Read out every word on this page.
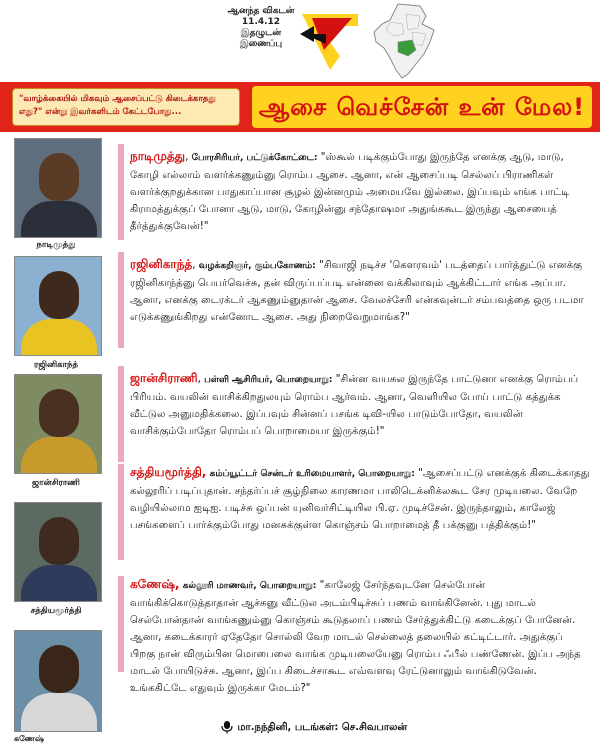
ஆனந்த விகடன்
11.4.12 இதழுடன்
இணைப்பு
"வாழ்க்கையில் மிகவும் ஆசைப்பட்டு கிடைக்காதது எது?" என்று இவர்களிடம் கேட்டபோது...	ஆசை வெச்சேன் உன் மேல!
நாடிமுத்து
நாடிமுத்து, போரசிரியர், பட்டுக்கோட்டை: "ஸ்கூல் படிக்கும்போது இருந்தே எனக்கு ஆடு, மாடு, கோழி எல்லாம் வளர்க்கணும்னு ரொம்ப ஆசை. ஆனா, என் ஆசைப்படி செல்லப் பிராணிகள் வளர்க்குறதுக்கான பாதுகாப்பான சூழல் இன்னமும் அமையவே இல்லை. இப்பவும் எங்க பாட்டி கிராமத்துக்குப் போனா ஆடு, மாடு, கோழின்னு சந்தோஷமா அதுங்ககூட இருந்து ஆசையைத் தீர்த்துக்குவேன்!"
ரஜினிகாந்த்
ரஜினிகாந்த், வழக்கறிஞர், கும்பகோணம்: "சிவாஜி நடிச்ச 'கௌரவம்' படத்தைப் பார்த்துட்டு எனக்கு ரஜினிகாந்த்னு பெயர்வெச்சு, தன் விருப்பப்படி என்னை வக்கிலாவும் ஆக்கிட்டார் எங்க அப்பா. ஆனா, எனக்கு டைரக்டர் ஆகணும்னுதான் ஆசை. வேலச்சேரி என்கவுன்டர் சம்பவத்தை ஒரு படமா எடுக்கணுங்கிறது என்னோட ஆசை. அது நிறைவேறுமாங்க?"
ஜான்சிராணி
ஜான்சிராணி, பள்ளி ஆசிரியர், பொறையாறு: "சின்ன வயசுல இருந்தே பாட்டுனா எனக்கு ரொம்பப் பிரியம். வயலின் வாசிக்கிறதுலயும் ரொம்ப ஆர்வம். ஆனா, வெளியில போய் பாட்டு கத்துக்க வீட்டுல அனுமதிக்கலை. இப்பவும் சின்னப் பசங்க டிவி-யில பாடும்போதோ, வயலின் வாசிக்கும்போதோ ரொம்பப் பொறாமையா இருக்கும்!"
சத்தியமூர்த்தி
சத்தியமூர்த்தி, கம்ப்யூட்டர் சென்டர் உரிமையாளர், பொறையாறு: "ஆசைப்பட்டு எனக்குக் கிடைக்காதது கல்லூரிப் படிப்புதான். சந்தர்ப்பச் சூழ்நிலை காரணமா பாலிடெக்னிக்லகூட சேர முடியலை. வேறே வழியில்லாம ஐடிஐ. படிச்சு ஒப்பன் யுனிவர்சிட்டியில பி.ஏ. முடிச்சேன். இருந்தாலும், காலேஜ் பசங்களைப் பார்க்கும்போது மனசுக்குள்ள கொஞ்சம் பொறாமைத் தீ பக்குனு பத்திக்கும்!"
கணேஷ்
கணேஷ், கல்லூரி மாணவர், பொறையாறு: "காலேஜ் சேர்ந்தவுடனே செல்போன் வாங்கிக்கொடுத்தாதான் ஆச்சுனு வீட்டுல அடம்பிடிச்சுப் பணம் வாங்கினேன். புது மாடல் செல்போன்தான் வாங்கணும்னு கொஞ்சம் கூடுதலாப் பணம் சேர்த்துக்கிட்டு கடைக்குப் போனேன். ஆனா, கடைக்காரர் ஏதேதோ சொல்லி வேற மாடல் செல்லைத் தலையில் கட்டிட்டார். அதுக்குப் பிறகு நான் விரும்பின மொபைலை வாங்க முடியலையேனு ரொம்ப ஃபீல் பண்ணேன். இப்ப அந்த மாடல் போயிடுச்சு. ஆனா, இப்ப கிடைச்சாகூட எவ்வளவு ரேட்டுனாலும் வாங்கிடுவேன். உங்ககிட்டே எதுவும் இருக்கா மேடம்?"
மா.நந்தினி, படங்கள்: செ.சிவபாலன்
